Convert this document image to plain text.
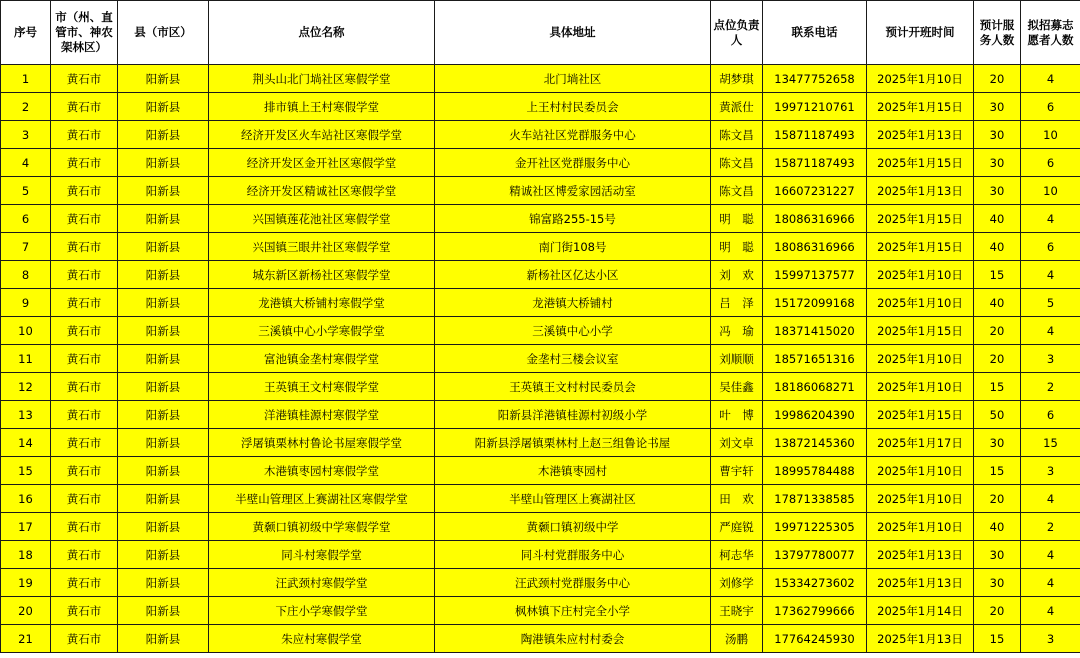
序号	市（州、直管市、神农架林区）	县（市区）	点位名称	具体地址	点位负责人	联系电话	预计开班时间	预计服务人数	拟招募志愿者人数
1	黄石市	阳新县	荆头山北门埫社区寒假学堂	北门埫社区	胡梦琪	13477752658	2025年1月10日	20	4
2	黄石市	阳新县	排市镇上王村寒假学堂	上王村村民委员会	黄派仕	19971210761	2025年1月15日	30	6
3	黄石市	阳新县	经济开发区火车站社区寒假学堂	火车站社区党群服务中心	陈文昌	15871187493	2025年1月13日	30	10
4	黄石市	阳新县	经济开发区金开社区寒假学堂	金开社区党群服务中心	陈文昌	15871187493	2025年1月15日	30	6
5	黄石市	阳新县	经济开发区精诚社区寒假学堂	精诚社区博爱家园活动室	陈文昌	16607231227	2025年1月13日	30	10
6	黄石市	阳新县	兴国镇莲花池社区寒假学堂	锦富路255-15号	明　聪	18086316966	2025年1月15日	40	4
7	黄石市	阳新县	兴国镇三眼井社区寒假学堂	南门街108号	明　聪	18086316966	2025年1月15日	40	6
8	黄石市	阳新县	城东新区新杨社区寒假学堂	新杨社区亿达小区	刘　欢	15997137577	2025年1月10日	15	4
9	黄石市	阳新县	龙港镇大桥铺村寒假学堂	龙港镇大桥铺村	吕　泽	15172099168	2025年1月10日	40	5
10	黄石市	阳新县	三溪镇中心小学寒假学堂	三溪镇中心小学	冯　瑜	18371415020	2025年1月15日	20	4
11	黄石市	阳新县	富池镇金垄村寒假学堂	金垄村三楼会议室	刘顺顺	18571651316	2025年1月10日	20	3
12	黄石市	阳新县	王英镇王文村寒假学堂	王英镇王文村村民委员会	吴佳鑫	18186068271	2025年1月10日	15	2
13	黄石市	阳新县	洋港镇桂源村寒假学堂	阳新县洋港镇桂源村初级小学	叶　博	19986204390	2025年1月15日	50	6
14	黄石市	阳新县	浮屠镇栗林村鲁论书屋寒假学堂	阳新县浮屠镇栗林村上赵三组鲁论书屋	刘文卓	13872145360	2025年1月17日	30	15
15	黄石市	阳新县	木港镇枣园村寒假学堂	木港镇枣园村	曹宇轩	18995784488	2025年1月10日	15	3
16	黄石市	阳新县	半壁山管理区上赛湖社区寒假学堂	半壁山管理区上赛湖社区	田　欢	17871338585	2025年1月10日	20	4
17	黄石市	阳新县	黄颡口镇初级中学寒假学堂	黄颡口镇初级中学	严庭锐	19971225305	2025年1月10日	40	2
18	黄石市	阳新县	同斗村寒假学堂	同斗村党群服务中心	柯志华	13797780077	2025年1月13日	30	4
19	黄石市	阳新县	汪武颈村寒假学堂	汪武颈村党群服务中心	刘修学	15334273602	2025年1月13日	30	4
20	黄石市	阳新县	下庄小学寒假学堂	枫林镇下庄村完全小学	王晓宇	17362799666	2025年1月14日	20	4
21	黄石市	阳新县	朱应村寒假学堂	陶港镇朱应村村委会	汤鹏	17764245930	2025年1月13日	15	3
